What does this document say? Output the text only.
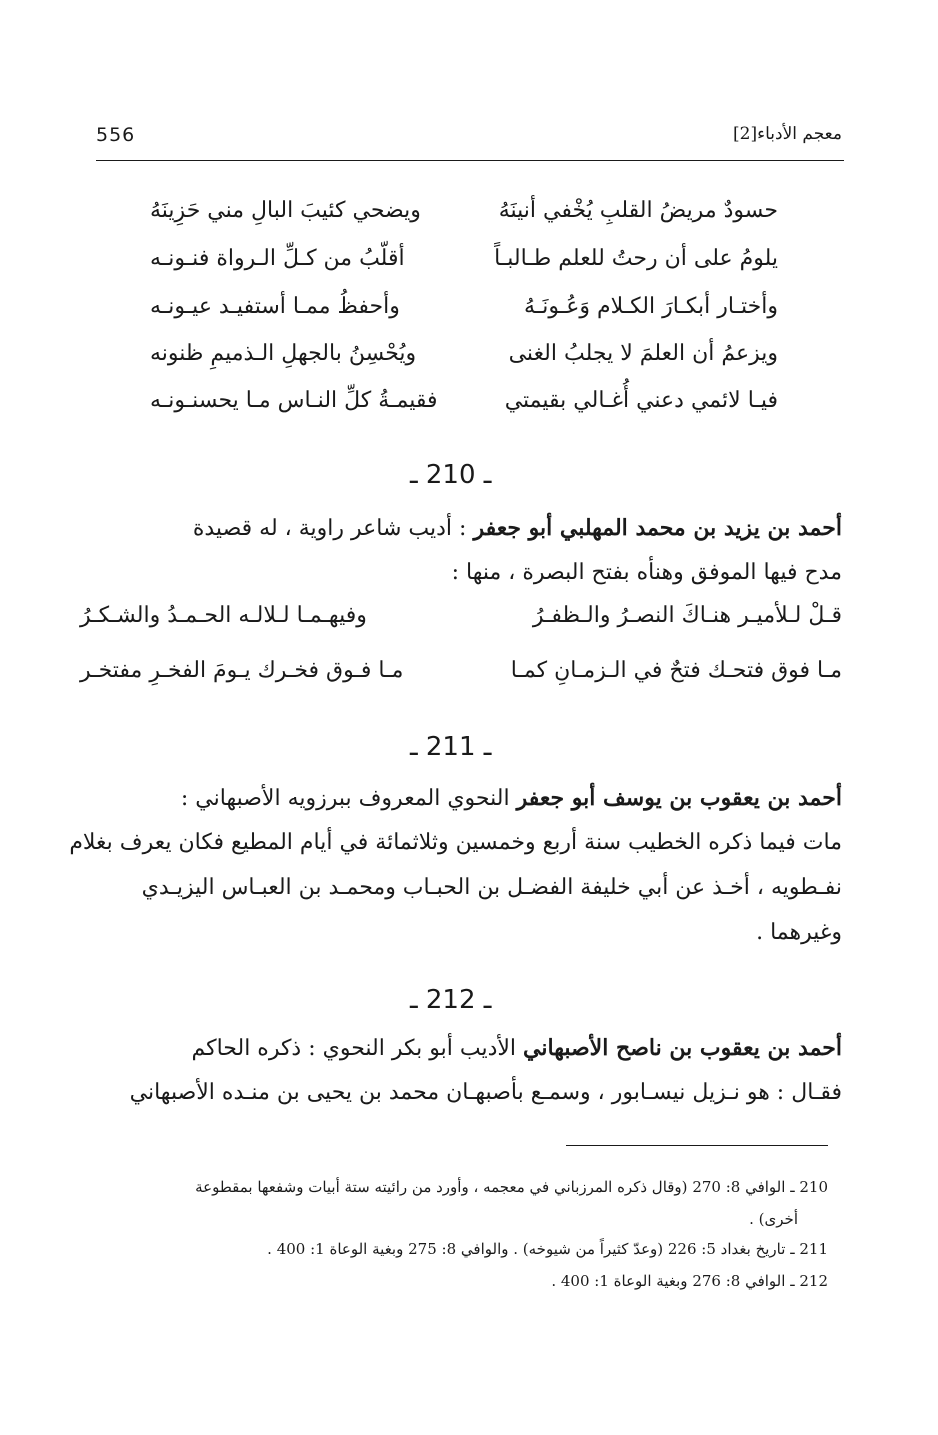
556	معجم الأدباء[2]
حسودٌ مريضُ القلبِ يُخْفي أنينَهُ
ويضحي كئيبَ البالِ مني حَزِينَهُ
يلومُ على أن رحتُ للعلم طـالبـاً
أقلّبُ من كـلِّ الـرواة فنـونـه
وأختـار أبكـارَ الكـلام وَعُـونَـهُ
وأحفظُ ممـا أستفيـد عيـونـه
ويزعمُ أن العلمَ لا يجلبُ الغنى
ويُحْسِنُ بالجهلِ الـذميمِ ظنونه
فيـا لائمي دعني أُغـالي بقيمتي
فقيمـةُ كلِّ النـاس مـا يحسنـونـه
ـ 210 ـ
أحمد بن يزيد بن محمد المهلبي أبو جعفر : أديب شاعر راوية ، له قصيدة
مدح فيها الموفق وهنأه بفتح البصرة ، منها :
قـلْ لـلأميـر هنـاكَ النصـرُ والـظفـرُ
وفيهـمـا لـلالـه الحـمـدُ والشـكـرُ
مـا فوق فتحـك فتحٌ في الـزمـانِ كمـا
مـا فـوق فخـرك يـومَ الفخـرِ مفتخـر
ـ 211 ـ
أحمد بن يعقوب بن يوسف أبو جعفر النحوي المعروف ببرزويه الأصبهاني :
مات فيما ذكره الخطيب سنة أربع وخمسين وثلاثمائة في أيام المطيع فكان يعرف بغلام
نفـطويه ، أخـذ عن أبي خليفة الفضـل بن الحبـاب ومحمـد بن العبـاس اليزيـدي
وغيرهما .
ـ 212 ـ
أحمد بن يعقوب بن ناصح الأصبهاني الأديب أبو بكر النحوي : ذكره الحاكم
فقـال : هو نـزيل نيسـابور ، وسمـع بأصبهـان محمد بن يحيى بن منـده الأصبهاني
210 ـ الوافي 8: 270 (وقال ذكره المرزباني في معجمه ، وأورد من رائيته ستة أبيات وشفعها بمقطوعة
أخرى) .
211 ـ تاريخ بغداد 5: 226 (وعدّ كثيراً من شيوخه) . والوافي 8: 275 وبغية الوعاة 1: 400 .
212 ـ الوافي 8: 276 وبغية الوعاة 1: 400 .
